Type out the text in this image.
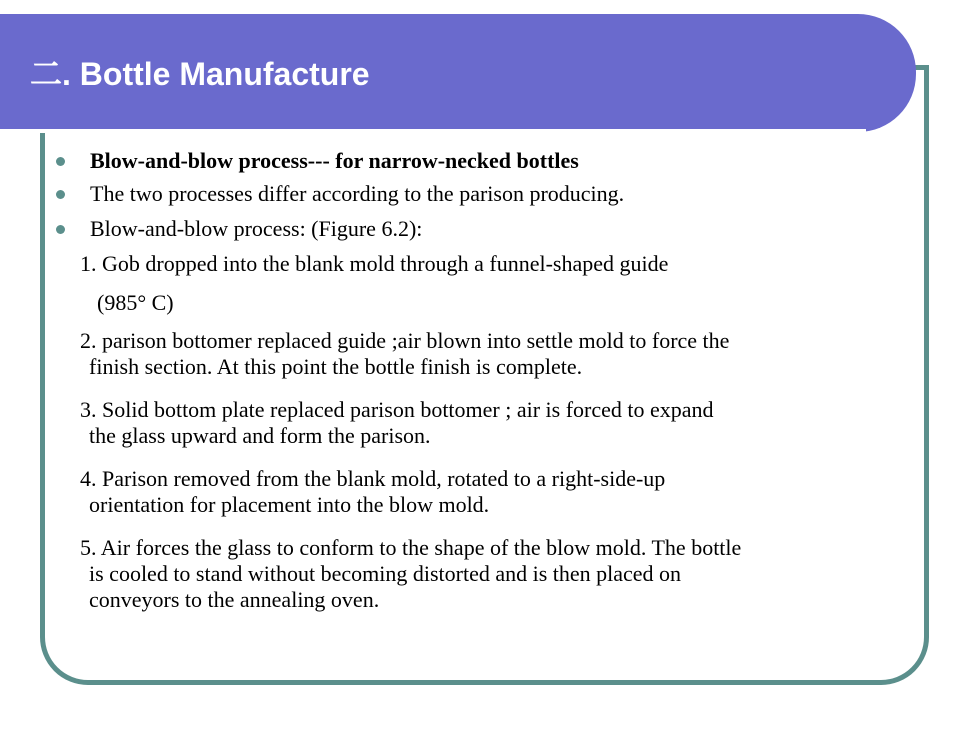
二. Bottle Manufacture
Blow-and-blow process--- for narrow-necked bottles
The two processes differ according to the parison producing.
Blow-and-blow process: (Figure 6.2):
1. Gob dropped into the blank mold through a funnel-shaped guide
(985° C)
2. parison bottomer replaced guide ;air blown into settle mold to force the
finish section. At this point the bottle finish is complete.
3. Solid bottom plate replaced parison bottomer ; air is forced to expand
the glass upward and form the parison.
4. Parison removed from the blank mold, rotated to a right-side-up
orientation for placement into the blow mold.
5. Air forces the glass to conform to the shape of the blow mold. The bottle
is cooled to stand without becoming distorted and is then placed on
conveyors to the annealing oven.
